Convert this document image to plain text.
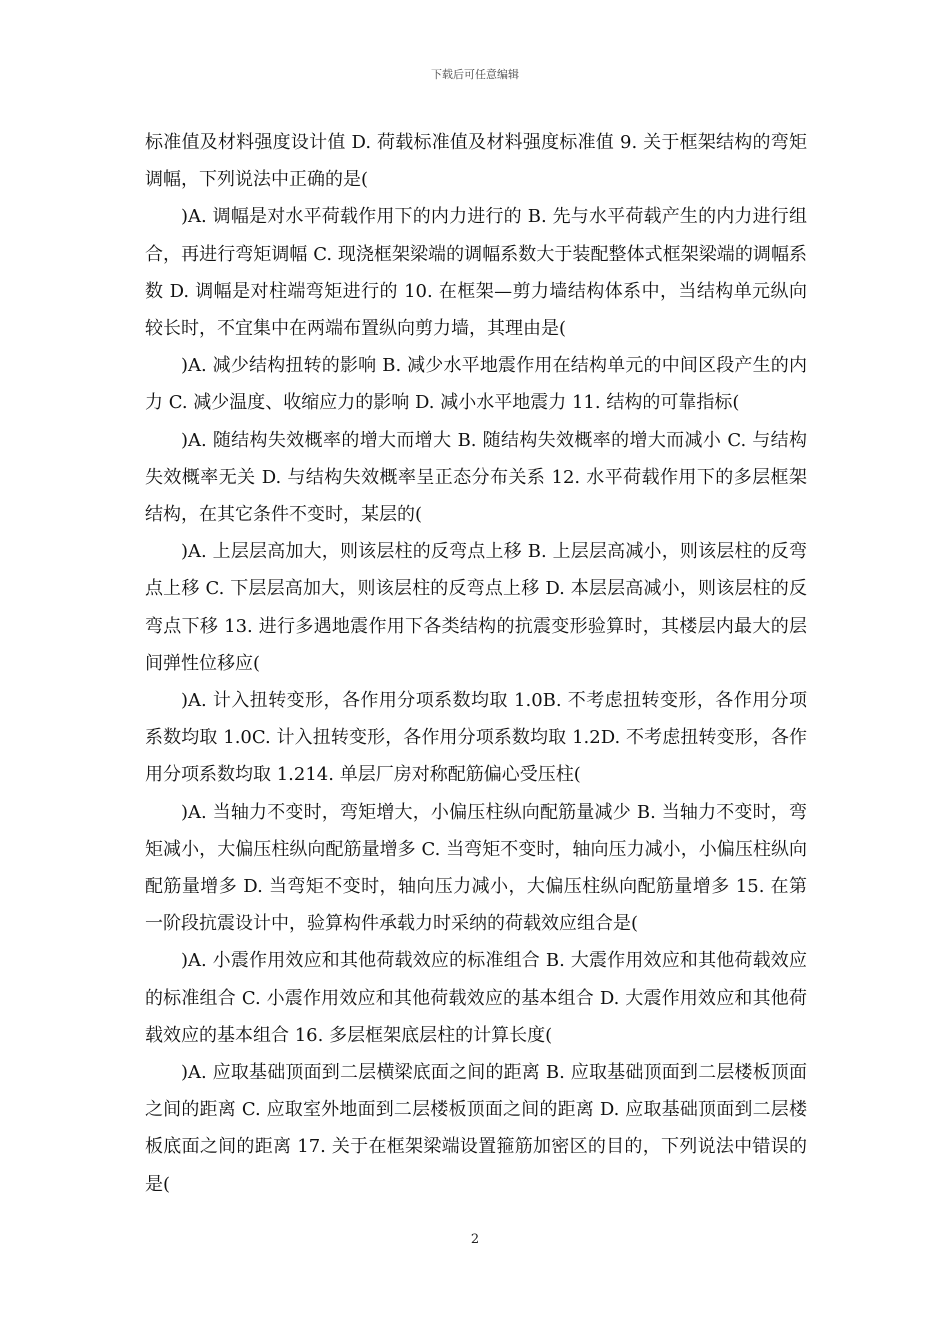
下载后可任意编辑

标准值及材料强度设计值 D. 荷载标准值及材料强度标准值 9. 关于框架结构的弯矩调幅，下列说法中正确的是(

)A. 调幅是对水平荷载作用下的内力进行的 B. 先与水平荷载产生的内力进行组合，再进行弯矩调幅 C. 现浇框架梁端的调幅系数大于装配整体式框架梁端的调幅系数 D. 调幅是对柱端弯矩进行的 10. 在框架—剪力墙结构体系中，当结构单元纵向较长时，不宜集中在两端布置纵向剪力墙，其理由是(

)A. 减少结构扭转的影响 B. 减少水平地震作用在结构单元的中间区段产生的内力 C. 减少温度、收缩应力的影响 D. 减小水平地震力 11. 结构的可靠指标(

)A. 随结构失效概率的增大而增大 B. 随结构失效概率的增大而减小 C. 与结构失效概率无关 D. 与结构失效概率呈正态分布关系 12. 水平荷载作用下的多层框架结构，在其它条件不变时，某层的(

)A. 上层层高加大，则该层柱的反弯点上移 B. 上层层高减小，则该层柱的反弯点上移 C. 下层层高加大，则该层柱的反弯点上移 D. 本层层高减小，则该层柱的反弯点下移 13. 进行多遇地震作用下各类结构的抗震变形验算时，其楼层内最大的层间弹性位移应(

)A. 计入扭转变形，各作用分项系数均取 1.0B. 不考虑扭转变形，各作用分项系数均取 1.0C. 计入扭转变形，各作用分项系数均取 1.2D. 不考虑扭转变形，各作用分项系数均取 1.214. 单层厂房对称配筋偏心受压柱(

)A. 当轴力不变时，弯矩增大，小偏压柱纵向配筋量减少 B. 当轴力不变时，弯矩减小，大偏压柱纵向配筋量增多 C. 当弯矩不变时，轴向压力减小，小偏压柱纵向配筋量增多 D. 当弯矩不变时，轴向压力减小，大偏压柱纵向配筋量增多 15. 在第一阶段抗震设计中，验算构件承载力时采纳的荷载效应组合是(

)A. 小震作用效应和其他荷载效应的标准组合 B. 大震作用效应和其他荷载效应的标准组合 C. 小震作用效应和其他荷载效应的基本组合 D. 大震作用效应和其他荷载效应的基本组合 16. 多层框架底层柱的计算长度(

)A. 应取基础顶面到二层横梁底面之间的距离 B. 应取基础顶面到二层楼板顶面之间的距离 C. 应取室外地面到二层楼板顶面之间的距离 D. 应取基础顶面到二层楼板底面之间的距离 17. 关于在框架梁端设置箍筋加密区的目的，下列说法中错误的是(

2
